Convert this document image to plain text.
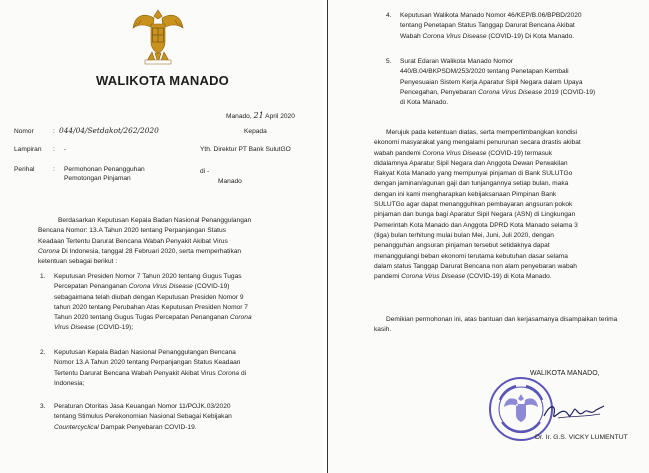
WALIKOTA MANADO
Manado, 21 April 2020
Nomor	: 044/04/Setdakot/262/2020	Kepada
Lampiran : -	Yth. Direktur PT Bank SulutGO
Perihal	: Permohonan Penangguhan
Pemotongan Pinjaman
di -
Manado
Berdasarkan Keputusan Kepala Badan Nasional Penanggulangan
Bencana Nomor: 13.A Tahun 2020 tentang Perpanjangan Status
Keadaan Tertentu Darurat Bencana Wabah Penyakit Akibat Virus
Corona Di Indonesia, tanggal 28 Februari 2020, serta memperhatikan
ketentuan sebagai berikut :
1. Keputusan Presiden Nomor 7 Tahun 2020 tentang Gugus Tugas
Percepatan Penanganan Corona Virus Disease (COVID-19)
sebagaimana telah diubah dengan Keputusan Presiden Nomor 9
tahun 2020 tentang Perubahan Atas Keputusan Presiden Nomor 7
Tahun 2020 tentang Gugus Tugas Percepatan Penanganan Corona
Virus Disease (COVID-19);
2. Keputusan Kepala Badan Nasional Penanggulangan Bencana
Nomor 13.A Tahun 2020 tentang Perpanjangan Status Keadaan
Tertentu Darurat Bencana Wabah Penyakit Akibat Virus Corona di
Indonesia;
3. Peraturan Otoritas Jasa Keuangan Nomor 11/POJK.03/2020
tentang Stimulus Perekonomian Nasional Sebagai Kebijakan
Countercyclical Dampak Penyebaran COVID-19.
4. Keputusan Walikota Manado Nomor 46/KEP/B.06/BPBD/2020
tentang Penetapan Status Tanggap Darurat Bencana Akibat
Wabah Corona Virus Disease (COVID-19) Di Kota Manado.
5. Surat Edaran Walikota Manado Nomor
440/B.04/BKPSDM/253/2020 tentang Penetapan Kembali
Penyesuaian Sistem Kerja Aparatur Sipil Negara dalam Upaya
Pencegahan, Penyebaran Corona Virus Disease 2019 (COVID-19)
di Kota Manado.
Merujuk pada ketentuan diatas, serta mempertimbangkan kondisi
ekonomi masyarakat yang mengalami penurunan secara drastis akibat
wabah pandemi Corona Virus Disease (COVID-19) termasuk
didalamnya Aparatur Sipil Negara dan Anggota Dewan Perwakilan
Rakyat Kota Manado yang mempunyai pinjaman di Bank SULUTGo
dengan jaminan/agunan gaji dan tunjangannya setiap bulan, maka
dengan ini kami mengharapkan kebijaksanaan Pimpinan Bank
SULUTGo agar dapat menangguhkan pembayaran angsuran pokok
pinjaman dan bunga bagi Aparatur Sipil Negara (ASN) di Lingkungan
Pemerintah Kota Manado dan Anggota DPRD Kota Manado selama 3
(tiga) bulan terhitung mulai bulan Mei, Juni, Juli 2020, dengan
penangguhan angsuran pinjaman tersebut setidaknya dapat
menanggulangi beban ekonomi terutama kebutuhan dasar selama
dalam status Tanggap Darurat Bencana non alam penyebaran wabah
pandemi Corona Virus Disease (COVID-19) di Kota Manado.
Demikian permohonan ini, atas bantuan dan kerjasamanya disampaikan terima
kasih.
WALIKOTA MANADO,
Dr. Ir. G.S. VICKY LUMENTUT
